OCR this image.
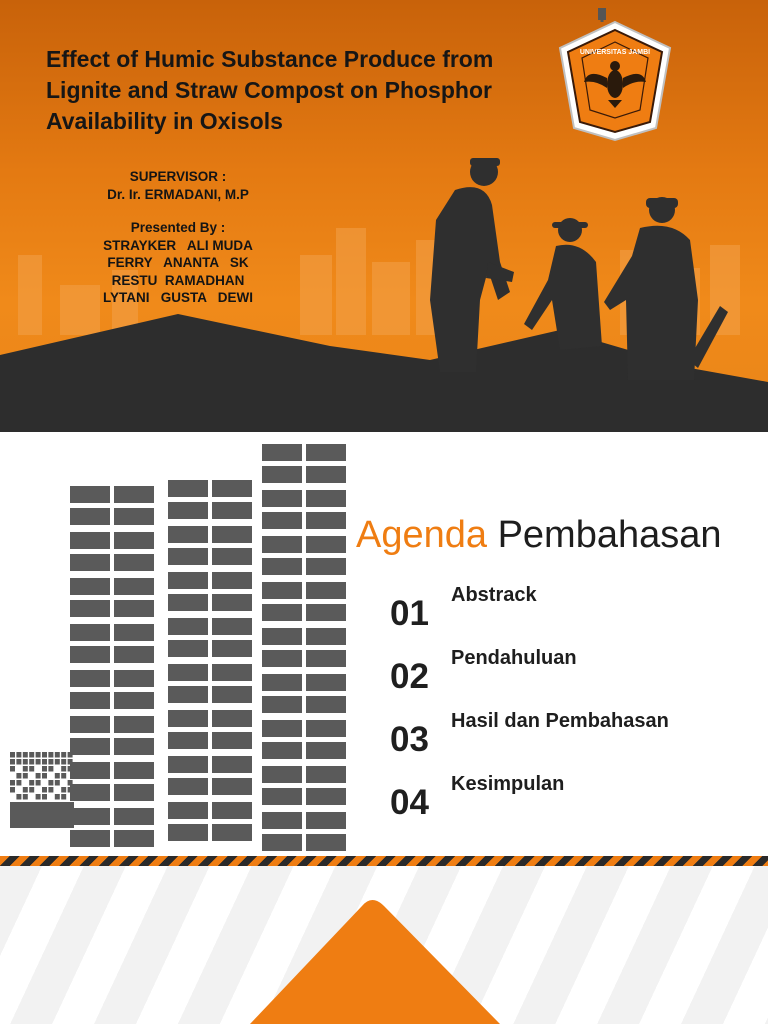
Effect of Humic Substance Produce from
Lignite and Straw Compost on Phosphor
Availability in Oxisols
SUPERVISOR :
Dr. Ir. ERMADANI, M.P
Presented By :
STRAYKER   ALI MUDA
FERRY   ANANTA   SK
RESTU  RAMADHAN
LYTANI   GUSTA   DEWI
UNIVERSITAS JAMBI
Agenda Pembahasan
01 Abstrack
02 Pendahuluan
03 Hasil dan Pembahasan
04 Kesimpulan
